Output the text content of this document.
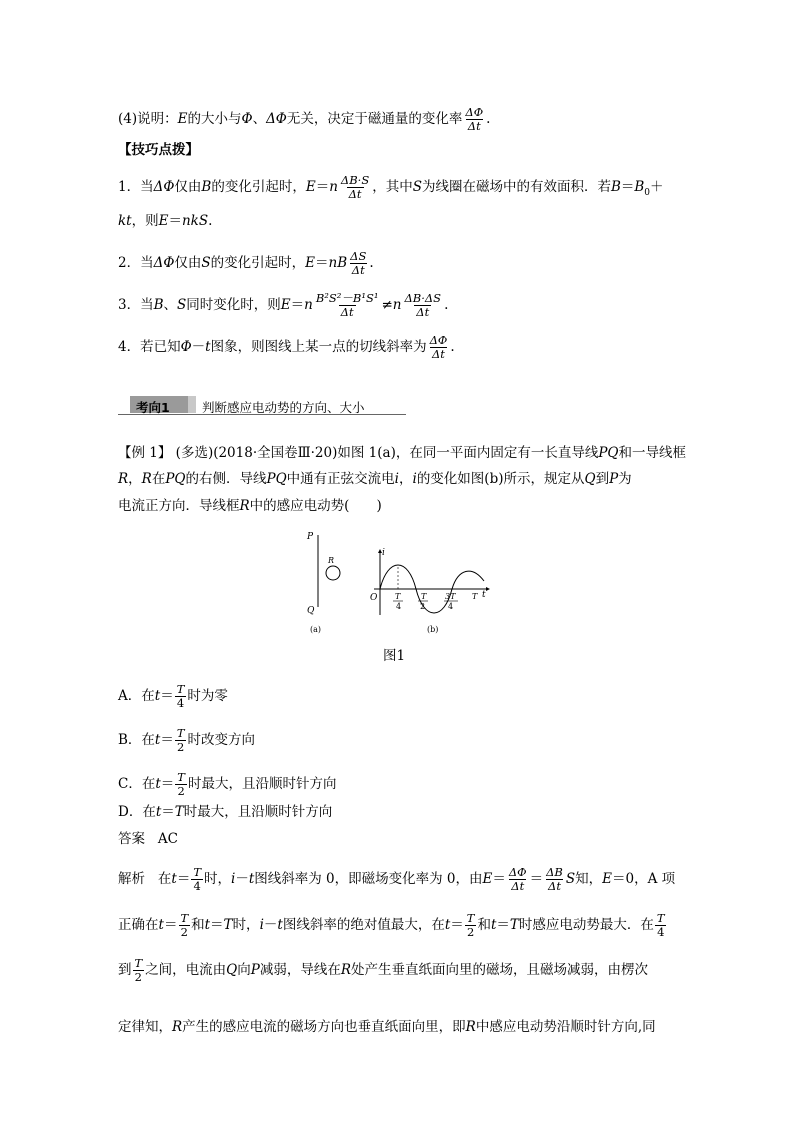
(4)说明：E的大小与Φ、ΔΦ无关，决定于磁通量的变化率 $\frac{\Delta\Phi}{\Delta t}$ .
【技巧点拨】
1．当ΔΦ仅由B的变化引起时，$E=n \frac{\Delta B\cdot S}{\Delta t}$ ，其中S为线圈在磁场中的有效面积．若$B=B_0+$
kt，则E＝nkS.
2．当ΔΦ仅由S的变化引起时，$E=nB \frac{\Delta S}{\Delta t}$ .
3．当B、S同时变化时，则$E=n \frac{\text{B²S²－B¹S¹}}{\Delta t} \ne n \frac{\Delta B\cdot\Delta S}{\Delta t}$ .
4．若已知Φ－t图象，则图线上某一点的切线斜率为 $\frac{\Delta\Phi}{\Delta t}$ .
考向1	判断感应电动势的方向、大小
【例 1】 (多选)(2018·全国卷Ⅲ·20)如图 1(a)，在同一平面内固定有一长直导线PQ和一导线框
R，R在PQ的右侧．导线PQ中通有正弦交流电i，i的变化如图(b)所示，规定从Q到P为
电流正方向．导线框R中的感应电动势(　　)
P
Q
R
(a)
i
t
O T
4
T
2
3T
4
T
(b)
图1
A．在$t= \frac{T}{4}$ 时为零
B．在$t= \frac{T}{2}$ 时改变方向
C．在$t= \frac{T}{2}$ 时最大，且沿顺时针方向
D．在t＝T时最大，且沿顺时针方向
答案 AC
解析 在$t= \frac{T}{4}$ 时，i－t图线斜率为 0，即磁场变化率为 0，由$E= \frac{\Delta\Phi}{\Delta t} = \frac{\Delta B}{\Delta t}$ S知，E＝0，A 项
正确在$t= \frac{T}{2}$ 和t＝T时，i－t图线斜率的绝对值最大，在$t= \frac{T}{2}$ 和t＝T时感应电动势最大．在 $\frac{T}{4}$
到 $\frac{T}{2}$ 之间，电流由Q向P减弱，导线在R处产生垂直纸面向里的磁场，且磁场减弱，由楞次
定律知，R产生的感应电流的磁场方向也垂直纸面向里，即R中感应电动势沿顺时针方向,同
